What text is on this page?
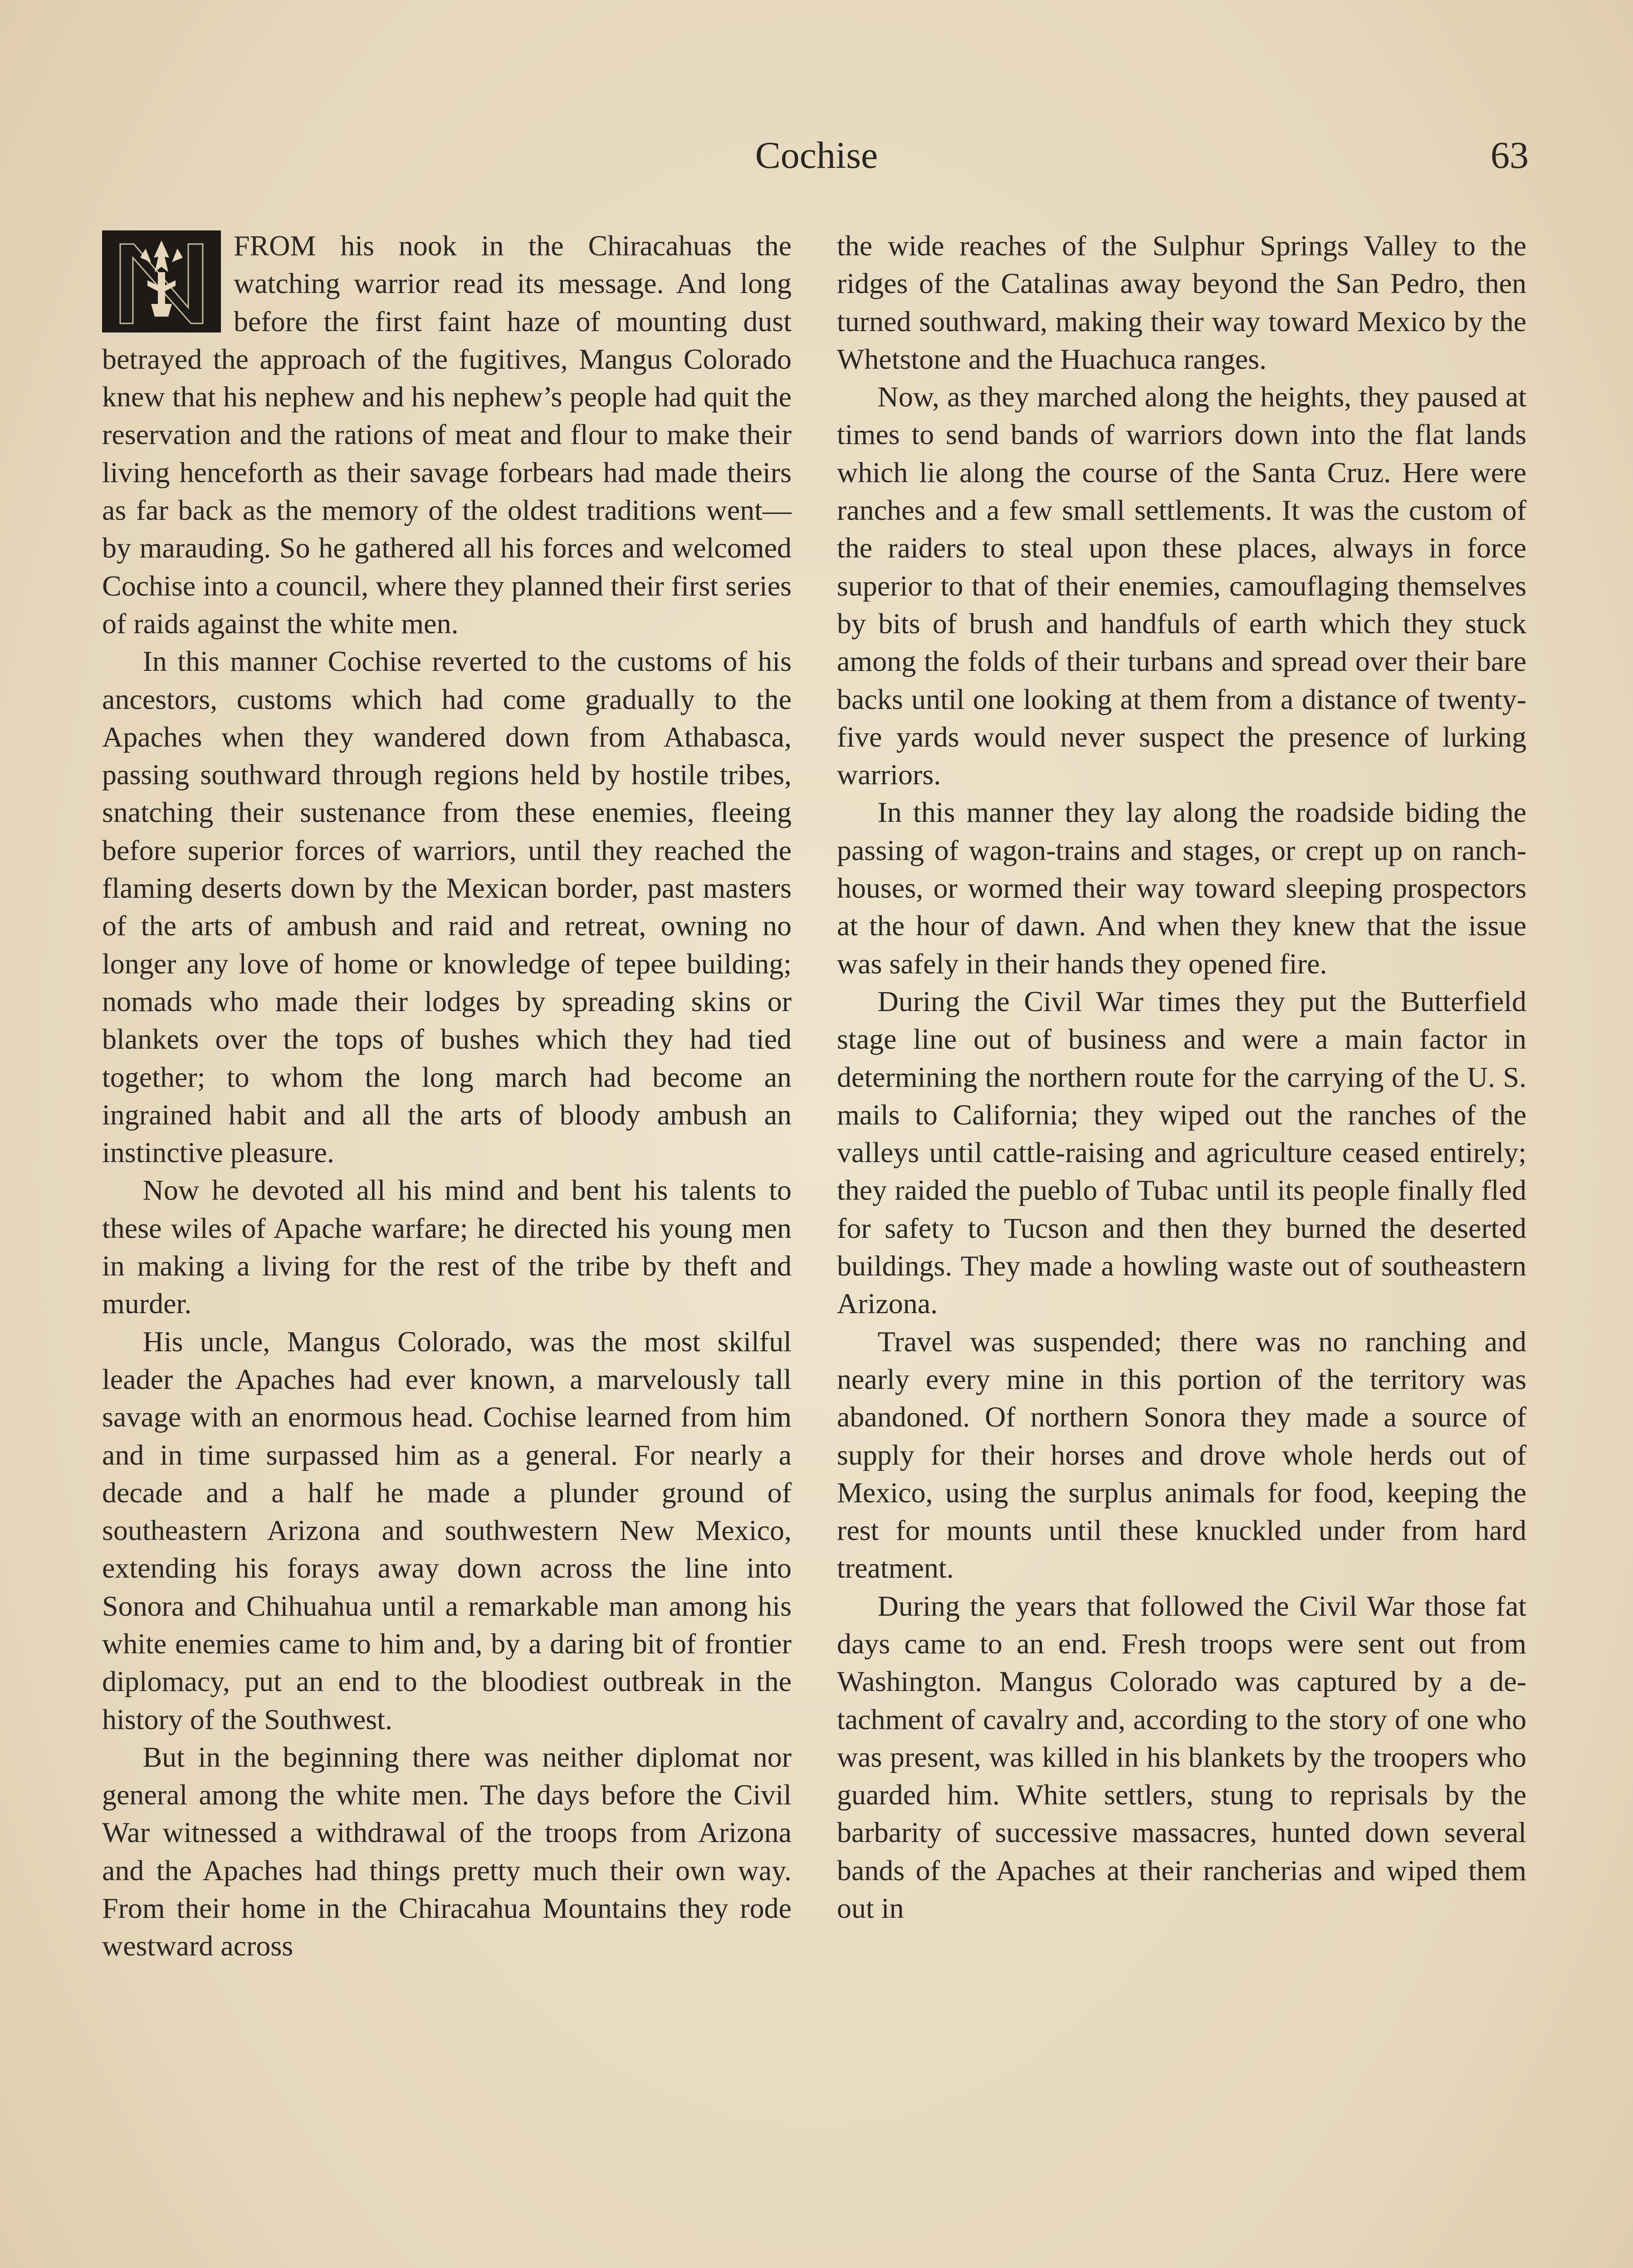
Cochise	63

FROM his nook in the Chiracahuas the watching warrior read its message. And long before the first faint haze of mounting dust betrayed the approach of the fugitives, Mangus Colorado knew that his nephew and his nephew’s people had quit the reservation and the rations of meat and flour to make their living henceforth as their savage forbears had made theirs as far back as the memory of the oldest traditions went—by marauding. So he gathered all his forces and welcomed Cochise into a council, where they planned their first series of raids against the white men.

In this manner Cochise reverted to the customs of his ancestors, customs which had come gradually to the Apaches when they wandered down from Athabasca, passing southward through regions held by hostile tribes, snatching their sustenance from these enemies, fleeing before superior forces of warriors, until they reached the flaming deserts down by the Mexican border, past masters of the arts of ambush and raid and retreat, owning no longer any love of home or knowledge of tepee building; nomads who made their lodges by spreading skins or blankets over the tops of bushes which they had tied together; to whom the long march had become an ingrained habit and all the arts of bloody ambush an instinctive pleasure.

Now he devoted all his mind and bent his talents to these wiles of Apache warfare; he directed his young men in making a living for the rest of the tribe by theft and murder.

His uncle, Mangus Colorado, was the most skilful leader the Apaches had ever known, a marvelously tall savage with an enormous head. Cochise learned from him and in time surpassed him as a general. For nearly a decade and a half he made a plunder ground of southeastern Arizona and southwestern New Mexico, extending his forays away down across the line into Sonora and Chihuahua until a remarkable man among his white enemies came to him and, by a daring bit of frontier diplomacy, put an end to the bloodiest outbreak in the history of the Southwest.

But in the beginning there was neither diplomat nor general among the white men. The days before the Civil War witnessed a withdrawal of the troops from Arizona and the Apaches had things pretty much their own way. From their home in the Chiracahua Mountains they rode westward across

the wide reaches of the Sulphur Springs Valley to the ridges of the Catalinas away beyond the San Pedro, then turned southward, making their way toward Mexico by the Whetstone and the Huachuca ranges.

Now, as they marched along the heights, they paused at times to send bands of warriors down into the flat lands which lie along the course of the Santa Cruz. Here were ranches and a few small settlements. It was the custom of the raiders to steal upon these places, always in force superior to that of their enemies, camouflaging themselves by bits of brush and handfuls of earth which they stuck among the folds of their turbans and spread over their bare backs until one looking at them from a distance of twenty-five yards would never suspect the presence of lurking warriors.

In this manner they lay along the roadside biding the passing of wagon-trains and stages, or crept up on ranch-houses, or wormed their way toward sleeping prospectors at the hour of dawn. And when they knew that the issue was safely in their hands they opened fire.

During the Civil War times they put the Butterfield stage line out of business and were a main factor in determining the northern route for the carrying of the U. S. mails to California; they wiped out the ranches of the valleys until cattle-raising and agriculture ceased entirely; they raided the pueblo of Tubac until its people finally fled for safety to Tucson and then they burned the deserted buildings. They made a howling waste out of southeastern Arizona.

Travel was suspended; there was no ranching and nearly every mine in this portion of the territory was abandoned. Of northern Sonora they made a source of supply for their horses and drove whole herds out of Mexico, using the surplus animals for food, keeping the rest for mounts until these knuckled under from hard treatment.

During the years that followed the Civil War those fat days came to an end. Fresh troops were sent out from Washington. Mangus Colorado was captured by a detachment of cavalry and, according to the story of one who was present, was killed in his blankets by the troopers who guarded him. White settlers, stung to reprisals by the barbarity of successive massacres, hunted down several bands of the Apaches at their rancherias and wiped them out in
